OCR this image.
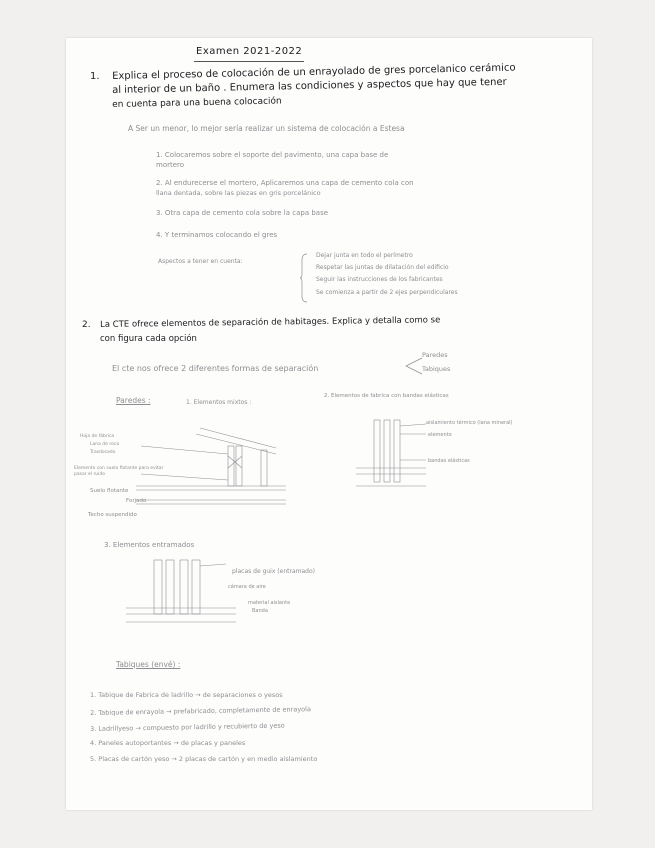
Examen 2021-2022
1. Explica el proceso de colocación de un enrayolado de gres porcelanico cerámico
al interior de un baño . Enumera las condiciones y aspectos que hay que tener
en cuenta para una buena colocación
A Ser un menor, lo mejor sería realizar un sistema de colocación a Estesa
1. Colocaremos sobre el soporte del pavimento, una capa base de
mortero
2. Al endurecerse el mortero, Aplicaremos una capa de cemento cola con
llana dentada, sobre las piezas en gris porcelánico
3. Otra capa de cemento cola sobre la capa base
4. Y terminamos colocando el gres
Aspectos a tener en cuenta:
Dejar junta en todo el perímetro
Respetar las juntas de dilatación del edificio
Seguir las instrucciones de los fabricantes
Se comienza a partir de 2 ejes perpendiculares
2. La CTE ofrece elementos de separación de habitages. Explica y detalla como se
con figura cada opción
El cte nos ofrece 2 diferentes formas de separación
Paredes
Tabiques
Paredes :	1. Elementos mixtos :
2. Elementos de fabrica con bandas elásticas
Hoja de fábrica
Lana de roca
Trasdosado
Elemento con suelo flotante para evitar pasar el ruido
Suelo flotante
Forjado
Techo suspendido
aislamiento térmico (lana mineral)
elemento
bandas elásticas
3. Elementos entramados
placas de guix (entramado)
cámara de aire
material aislante
Banda
Tabiques (envé) :
1. Tabique de Fabrica de ladrillo → de separaciones o yesos
2. Tabique de enrayola → prefabricado, completamente de enrayola
3. Ladrillyeso → compuesto por ladrillo y recubierto de yeso
4. Paneles autoportantes → de placas y paneles
5. Placas de cartón yeso → 2 placas de cartón y en medio aislamiento
